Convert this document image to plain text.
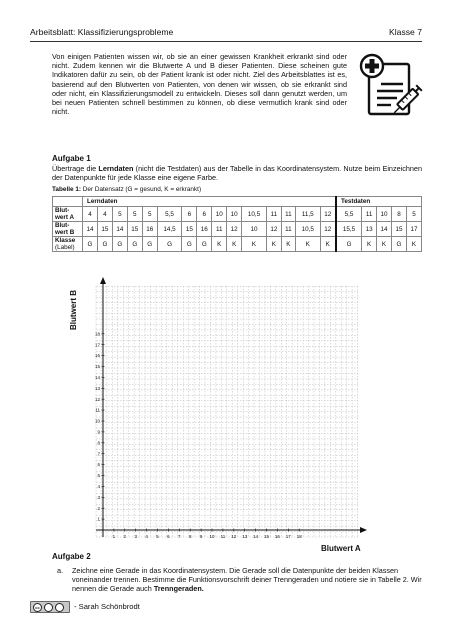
Arbeitsblatt: Klassifizierungsprobleme	Klasse 7

Von einigen Patienten wissen wir, ob sie an einer gewissen Krankheit erkrankt sind oder nicht. Zudem kennen wir die Blutwerte A und B dieser Patienten. Diese scheinen gute Indikatoren dafür zu sein, ob der Patient krank ist oder nicht. Ziel des Arbeitsblattes ist es, basierend auf den Blutwerten von Patienten, von denen wir wissen, ob sie erkrankt sind oder nicht, ein Klassifizierungsmodell zu entwickeln. Dieses soll dann genutzt werden, um bei neuen Patienten schnell bestimmen zu können, ob diese vermutlich krank sind oder nicht.

Aufgabe 1

Übertrage die Lerndaten (nicht die Testdaten) aus der Tabelle in das Koordinatensystem. Nutze beim Einzeichnen der Datenpunkte für jede Klasse eine eigene Farbe.

Tabelle 1: Der Datensatz (G = gesund, K = erkrankt)
	Lerndaten															Testdaten				
Blut-
wert A	4	4	5	5	5	5,5	6	6	10	10	10,5	11	11	11,5	12	5,5	11	10	8	5
Blut-
wert B	14	15	14	15	16	14,5	15	16	11	12	10	12	11	10,5	12	15,5	13	14	15	17
Klasse
(Label)	G	G	G	G	G	G	G	G	K	K	K	K	K	K	K	G	K	K	G	K
1 2 3 4 5 6 7 8 9 10 11 12 13 14 15 16 17 18
1
2
3
4
5
6
7
8
9
10
11
12
13
14
15
16
17
18
Blutwert B
Blutwert A
Aufgabe 2
a. Zeichne eine Gerade in das Koordinatensystem. Die Gerade soll die Datenpunkte der beiden Klassen voneinander trennen. Bestimme die Funktionsvorschrift deiner Trenngeraden und notiere sie in Tabelle 2. Wir nennen die Gerade auch Trenngeraden.
cc	- Sarah Schönbrodt
